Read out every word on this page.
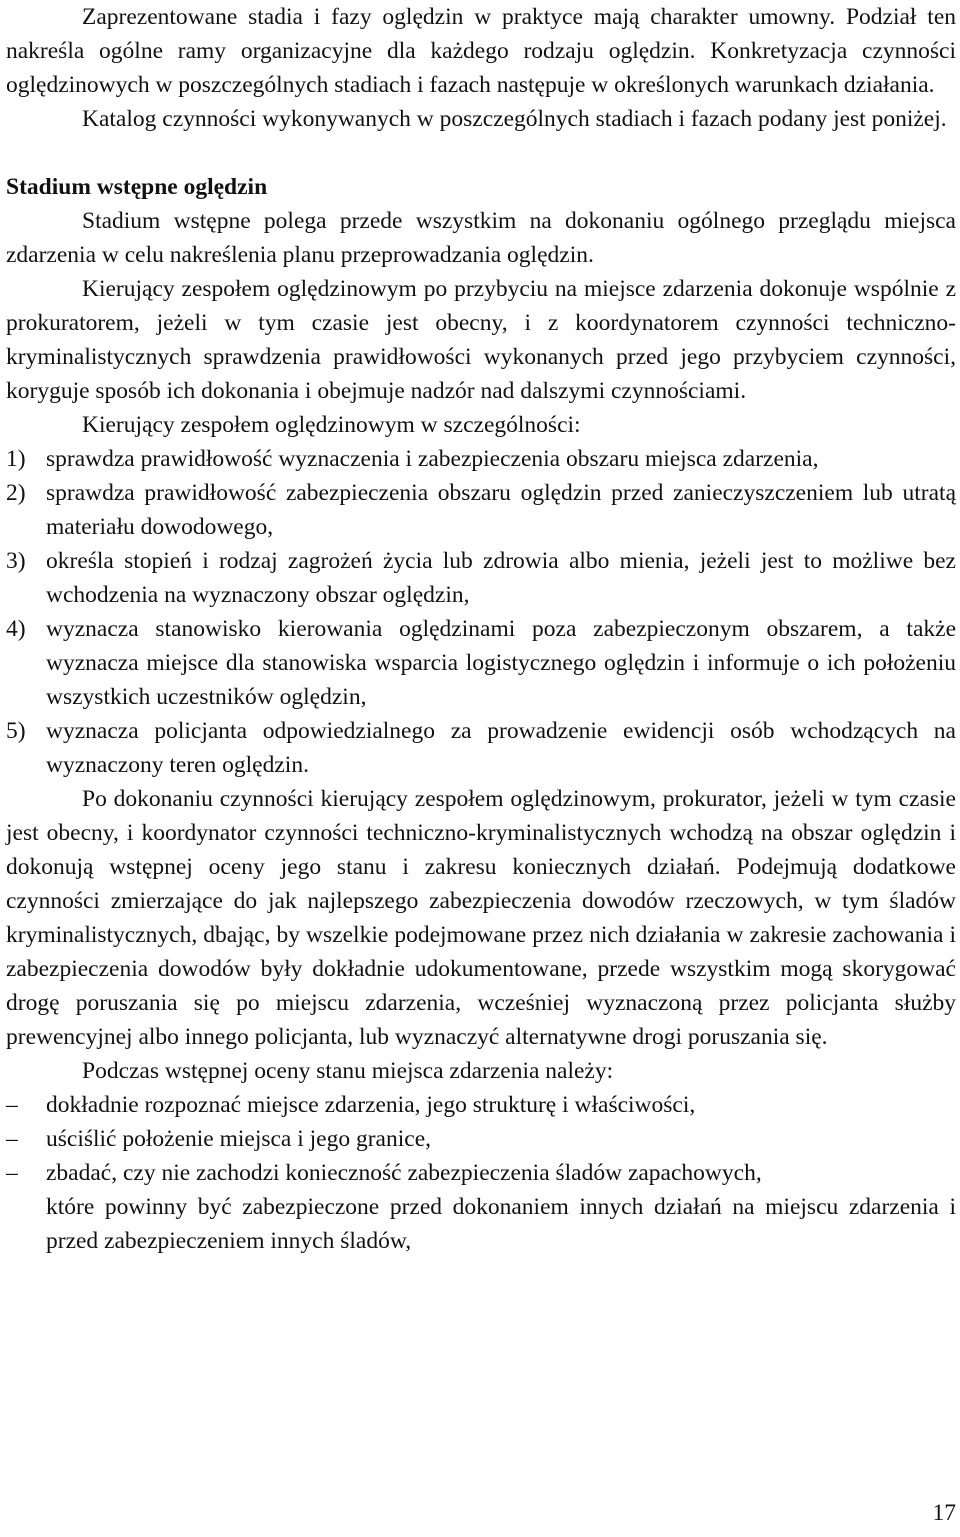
Zaprezentowane stadia i fazy oględzin w praktyce mają charakter umowny. Podział ten nakreśla ogólne ramy organizacyjne dla każdego rodzaju oględzin. Konkretyzacja czynności oględzinowych w poszczególnych stadiach i fazach następuje w określonych warunkach działania.

Katalog czynności wykonywanych w poszczególnych stadiach i fazach podany jest poniżej.

Stadium wstępne oględzin

Stadium wstępne polega przede wszystkim na dokonaniu ogólnego przeglądu miejsca zdarzenia w celu nakreślenia planu przeprowadzania oględzin.

Kierujący zespołem oględzinowym po przybyciu na miejsce zdarzenia dokonuje wspólnie z prokuratorem, jeżeli w tym czasie jest obecny, i z koordynatorem czynności techniczno-kryminalistycznych sprawdzenia prawidłowości wykonanych przed jego przybyciem czynności, koryguje sposób ich dokonania i obejmuje nadzór nad dalszymi czynnościami.

Kierujący zespołem oględzinowym w szczególności:

1) sprawdza prawidłowość wyznaczenia i zabezpieczenia obszaru miejsca zdarzenia,
2) sprawdza prawidłowość zabezpieczenia obszaru oględzin przed zanieczyszczeniem lub utratą materiału dowodowego,
3) określa stopień i rodzaj zagrożeń życia lub zdrowia albo mienia, jeżeli jest to możliwe bez wchodzenia na wyznaczony obszar oględzin,
4) wyznacza stanowisko kierowania oględzinami poza zabezpieczonym obszarem, a także wyznacza miejsce dla stanowiska wsparcia logistycznego oględzin i informuje o ich położeniu wszystkich uczestników oględzin,
5) wyznacza policjanta odpowiedzialnego za prowadzenie ewidencji osób wchodzących na wyznaczony teren oględzin.

Po dokonaniu czynności kierujący zespołem oględzinowym, prokurator, jeżeli w tym czasie jest obecny, i koordynator czynności techniczno-kryminalistycznych wchodzą na obszar oględzin i dokonują wstępnej oceny jego stanu i zakresu koniecznych działań. Podejmują dodatkowe czynności zmierzające do jak najlepszego zabezpieczenia dowodów rzeczowych, w tym śladów kryminalistycznych, dbając, by wszelkie podejmowane przez nich działania w zakresie zachowania i zabezpieczenia dowodów były dokładnie udokumentowane, przede wszystkim mogą skorygować drogę poruszania się po miejscu zdarzenia, wcześniej wyznaczoną przez policjanta służby prewencyjnej albo innego policjanta, lub wyznaczyć alternatywne drogi poruszania się.

Podczas wstępnej oceny stanu miejsca zdarzenia należy:

– dokładnie rozpoznać miejsce zdarzenia, jego strukturę i właściwości,
– uściślić położenie miejsca i jego granice,
– zbadać, czy nie zachodzi konieczność zabezpieczenia śladów zapachowych,

które powinny być zabezpieczone przed dokonaniem innych działań na miejscu zdarzenia i przed zabezpieczeniem innych śladów,

17
